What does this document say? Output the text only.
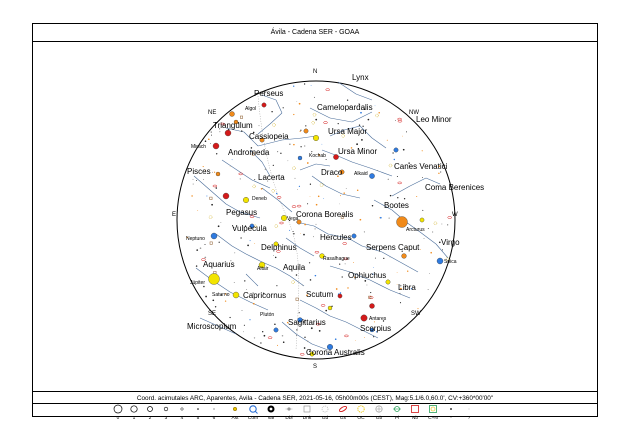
Ávila - Cadena SER - GOAA
N
NE
E
SE
S
SW
W
NW
Lynx
Perseus
Camelopardalis
Leo Minor
Triangulum
Cassiopeia
Ursa Major
Andromeda	Ursa Minor
Canes Venatici
Pisces	Draco
Coma Berenices
Lacerta
Bootes
Pegasus	Corona Borealis
Virgo
Vulpecula
Hercules
Delphinus	Serpens Caput
Aquarius	Aquila
Ophiuchus
Capricornus
Libra
Scutum
Microscopium	Sagittarius
Scorpius
Corona Australis
Algol
Mirach
Kochab
Alkaid
Deneb
Vega
Arcturus
Neptuno
Altair
Rasalhague	Spica
Júpiter
Saturno
Plutón
Antares
Coord. acimutales ARC, Aparentes, Avila - Cadena SER, 2021-05-16, 05h00m00s (CEST), Mag:5.1/6.0,60.0', CV:+360*00'00"
0	1	2	3	4	5	6	Ast	Com	Var	Dbl	Dnk	Gd	Gx	OC	Gb	Pl	Nb	C+N	*	?
